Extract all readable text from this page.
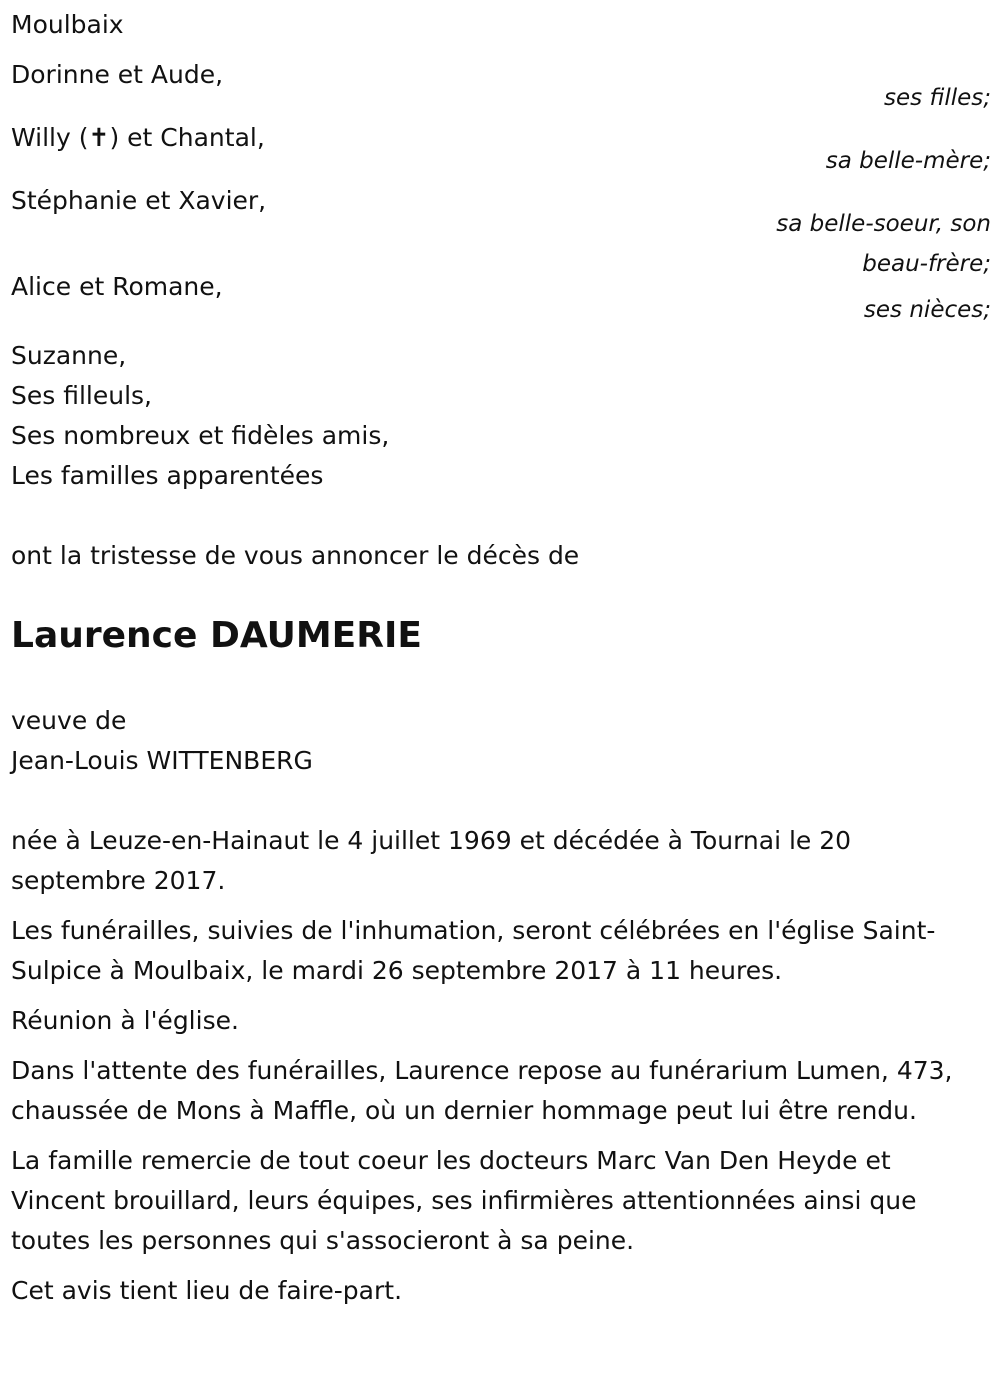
Moulbaix
Dorinne et Aude,
ses filles;
Willy (✝) et Chantal,
sa belle-mère;
Stéphanie et Xavier,
sa belle-soeur, son
beau-frère;
Alice et Romane,
ses nièces;
Suzanne,
Ses filleuls,
Ses nombreux et fidèles amis,
Les familles apparentées
ont la tristesse de vous annoncer le décès de
Laurence DAUMERIE
veuve de
Jean-Louis WITTENBERG

née à Leuze-en-Hainaut le 4 juillet 1969 et décédée à Tournai le 20 septembre 2017.

Les funérailles, suivies de l'inhumation, seront célébrées en l'église Saint-Sulpice à Moulbaix, le mardi 26 septembre 2017 à 11 heures.

Réunion à l'église.

Dans l'attente des funérailles, Laurence repose au funérarium Lumen, 473, chaussée de Mons à Maffle, où un dernier hommage peut lui être rendu.

La famille remercie de tout coeur les docteurs Marc Van Den Heyde et Vincent brouillard, leurs équipes, ses infirmières attentionnées ainsi que toutes les personnes qui s'associeront à sa peine.

Cet avis tient lieu de faire-part.
